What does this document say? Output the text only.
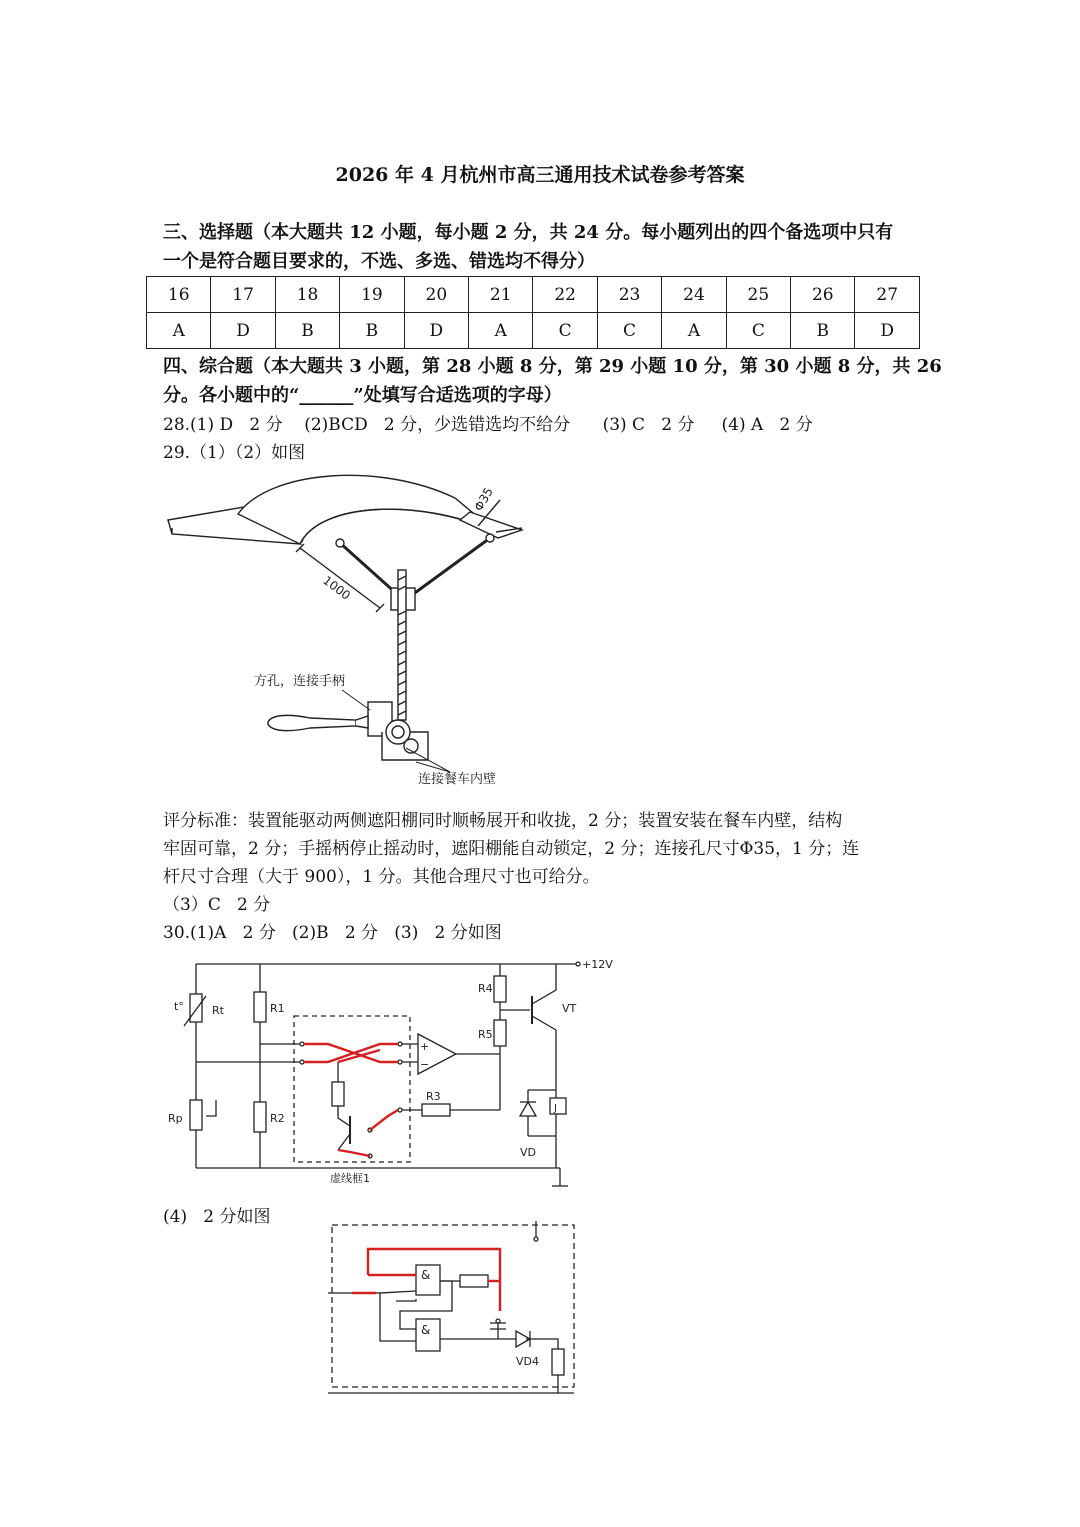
2026 年 4 月杭州市高三通用技术试卷参考答案
三、选择题（本大题共 12 小题，每小题 2 分，共 24 分。每小题列出的四个备选项中只有
一个是符合题目要求的，不选、多选、错选均不得分）
16	17	18	19	20	21	22	23	24	25	26	27
A	D	B	B	D	A	C	C	A	C	B	D
四、综合题（本大题共 3 小题，第 28 小题 8 分，第 29 小题 10 分，第 30 小题 8 分，共 26
分。各小题中的“______”处填写合适选项的字母）
28.(1) D   2 分    (2)BCD   2 分，少选错选均不给分      (3) C   2 分     (4) A   2 分
29.（1）（2）如图
Φ35
1000
方孔，连接手柄
连接餐车内壁
评分标准：装置能驱动两侧遮阳棚同时顺畅展开和收拢，2 分；装置安装在餐车内壁，结构
牢固可靠，2 分；手摇柄停止摇动时，遮阳棚能自动锁定，2 分；连接孔尺寸Φ35，1 分；连
杆尺寸合理（大于 900），1 分。其他合理尺寸也可给分。
（3）C   2 分
30.(1)A   2 分   (2)B   2 分   (3)   2 分如图
+12V
t°	Rt
Rp
R1
R2
R3
R4
R5
VT
VD
J
+
−
虚线框1
(4)   2 分如图
&
&
VD4
